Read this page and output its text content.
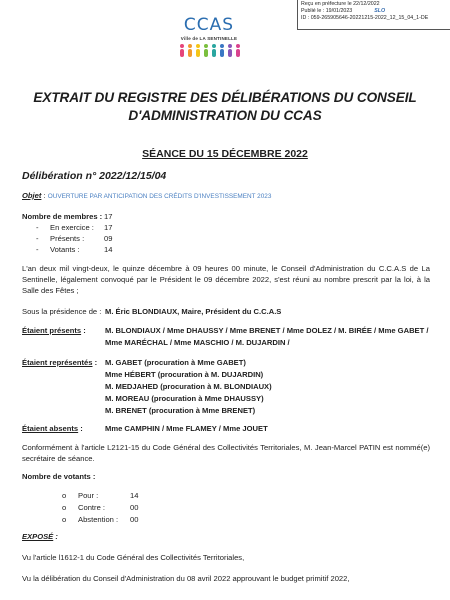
Reçu en préfecture le 22/12/2022
Publié le : 19/01/2023	SLO
ID : 059-265905646-20221215-2022_12_15_04_1-DE
CCAS
Ville de LA SENTINELLE
EXTRAIT DU REGISTRE DES DÉLIBÉRATIONS DU CONSEIL
D'ADMINISTRATION DU CCAS
SÉANCE DU 15 DÉCEMBRE 2022
Délibération n° 2022/12/15/04
Objet : OUVERTURE PAR ANTICIPATION DES CRÉDITS D'INVESTISSEMENT 2023
Nombre de membres : 17
- En exercice : 17
- Présents :	09
- Votants :	14
L'an deux mil vingt-deux, le quinze décembre à 09 heures 00 minute, le Conseil d'Administration du C.C.A.S de La Sentinelle, légalement convoqué par le Président le 09 décembre 2022, s'est réuni au nombre prescrit par la loi, à la Salle des Fêtes ;
Sous la présidence de : M. Éric BLONDIAUX, Maire, Président du C.C.A.S
Étaient présents :	M. BLONDIAUX / Mme DHAUSSY / Mme BRENET / Mme DOLEZ / M. BIRÉE / Mme GABET /
Mme MARÉCHAL / Mme MASCHIO / M. DUJARDIN /
Étaient représentés : M. GABET (procuration à Mme GABET)
Mme HÉBERT (procuration à M. DUJARDIN)
M. MEDJAHED (procuration à M. BLONDIAUX)
M. MOREAU (procuration à Mme DHAUSSY)
M. BRENET (procuration à Mme BRENET)
Étaient absents :	Mme CAMPHIN / Mme FLAMEY / Mme JOUET
Conformément à l'article L2121-15 du Code Général des Collectivités Territoriales, M. Jean-Marcel PATIN est nommé(e) secrétaire de séance.
Nombre de votants :
o Pour :	14
o Contre :	00
o Abstention : 00
EXPOSÉ :
Vu l'article l1612-1 du Code Général des Collectivités Territoriales,
Vu la délibération du Conseil d'Administration du 08 avril 2022 approuvant le budget primitif 2022,
